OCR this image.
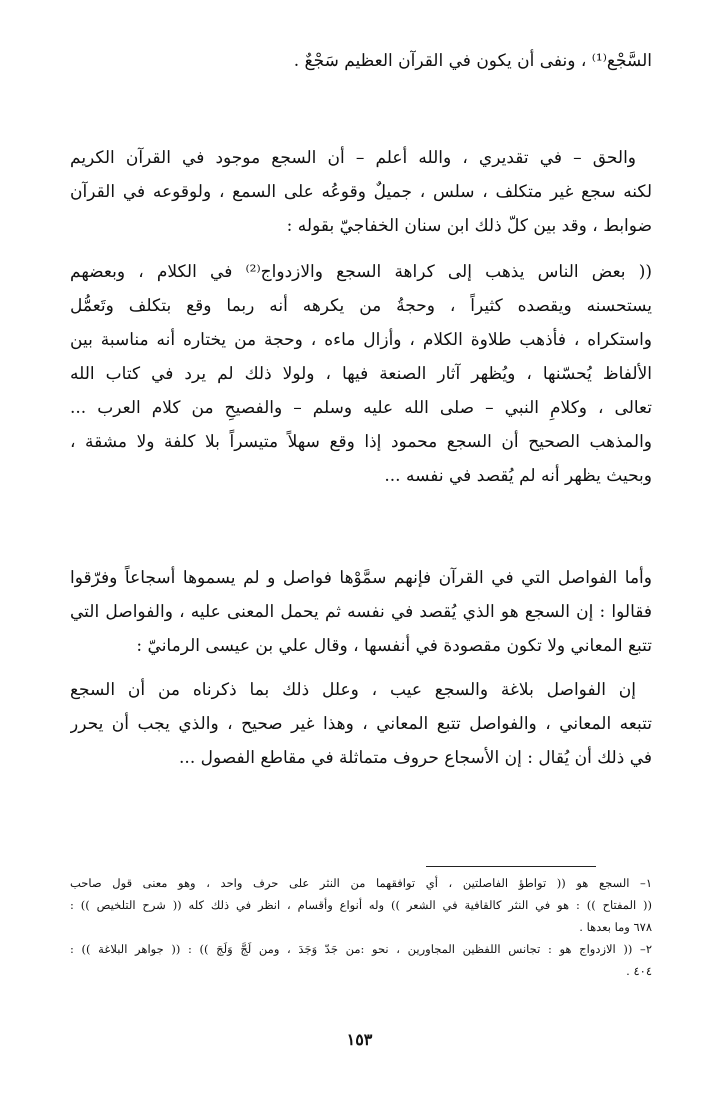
السَّجْع⁽¹⁾ ، ونفى أن يكون في القرآن العظيم سَجْعٌ .
والحق – في تقديري ، والله أعلم – أن السجع موجود في القرآن الكريم
لكنه سجع غير متكلف ، سلس ، جميلٌ وقوعُه على السمع ، ولوقوعه في القرآن
ضوابط ، وقد بين كلّ ذلك ابن سنان الخفاجيّ بقوله :
(( بعض الناس يذهب إلى كراهة السجع والازدواج⁽²⁾ في الكلام ، وبعضهم
يستحسنه ويقصده كثيراً ، وحجةُ من يكرهه أنه ربما وقع بتكلف وتَعمُّل
واستكراه ، فأذهب طلاوة الكلام ، وأزال ماءه ، وحجة من يختاره أنه مناسبة بين
الألفاظ يُحسّنها ، ويُظهر آثار الصنعة فيها ، ولولا ذلك لم يرد في كتاب الله
تعالى ، وكلامِ النبي – صلى الله عليه وسلم – والفصيحِ من كلام العرب ...
والمذهب الصحيح أن السجع محمود إذا وقع سهلاً متيسراً بلا كلفة ولا مشقة ،
وبحيث يظهر أنه لم يُقصد في نفسه ...
وأما الفواصل التي في القرآن فإنهم سمَّوْها فواصل و لم يسموها أسجاعاً وفرّقوا
فقالوا : إن السجع هو الذي يُقصد في نفسه ثم يحمل المعنى عليه ، والفواصل التي
تتبع المعاني ولا تكون مقصودة في أنفسها ، وقال علي بن عيسى الرمانيّ :
إن الفواصل بلاغة والسجع عيب ، وعلل ذلك بما ذكرناه من أن السجع
تتبعه المعاني ، والفواصل تتبع المعاني ، وهذا غير صحيح ، والذي يجب أن يحرر
في ذلك أن يُقال : إن الأسجاع حروف متماثلة في مقاطع الفصول ...
١– السجع هو (( تواطؤ الفاصلتين ، أي توافقهما من النثر على حرف واحد ، وهو معنى قول صاحب
(( المفتاح )) : هو في النثر كالقافية في الشعر )) وله أنواع وأقسام ، انظر في ذلك كله (( شرح التلخيص )) :
٦٧٨ وما بعدها .
٢– (( الازدواج هو : تجانس اللفظين المجاورين ، نحو :من جَدّ وَجَدَ ، ومن لَجَّ وَلَجَ )) : (( جواهر البلاغة )) :
٤٠٤ .
١٥٣
